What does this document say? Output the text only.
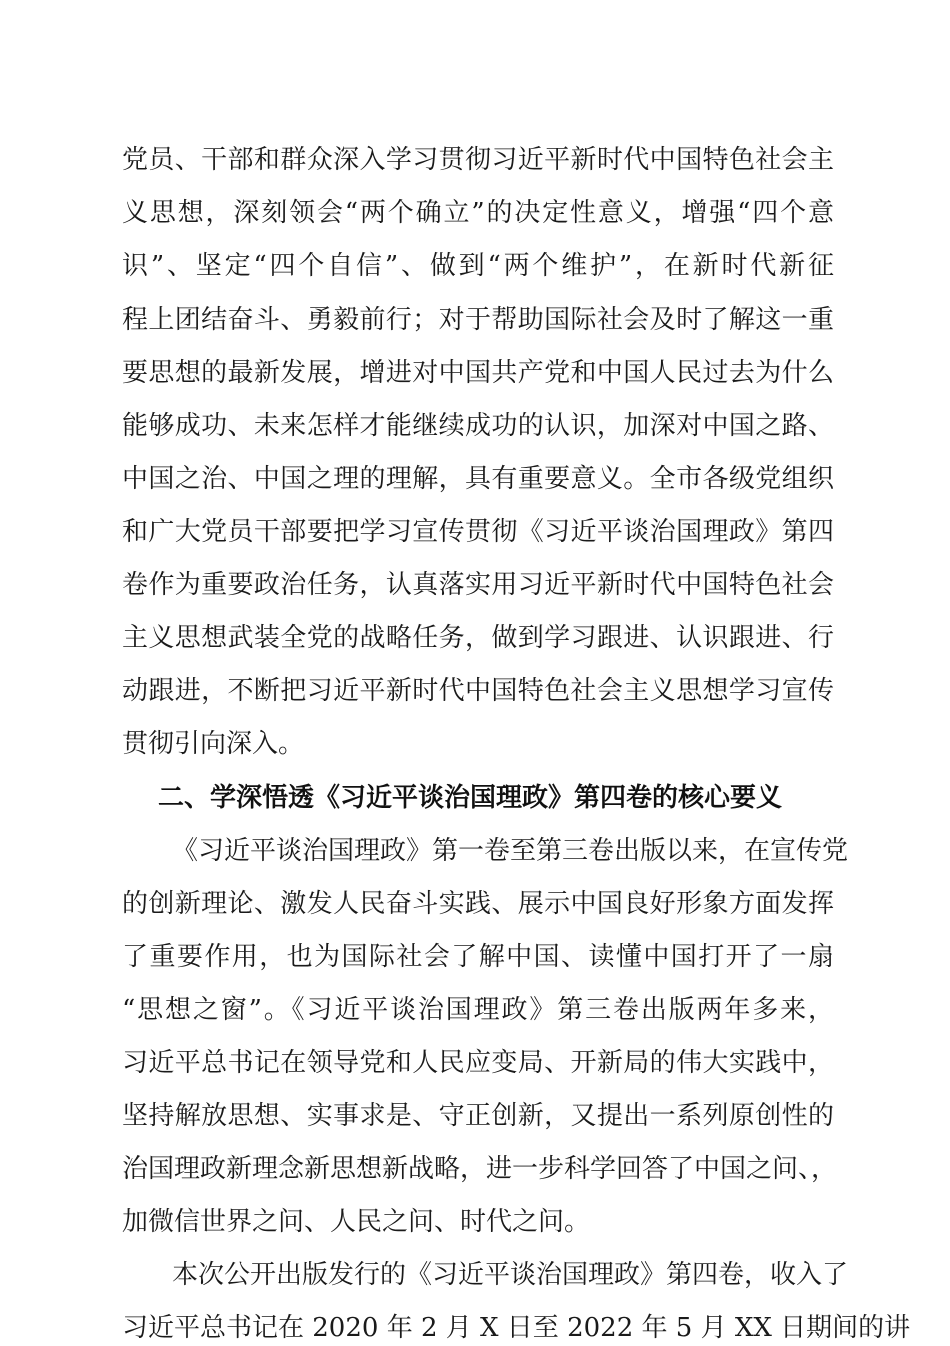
党员、干部和群众深入学习贯彻习近平新时代中国特色社会主
义思想，深刻领会“两个确立”的决定性意义，增强“四个意
识”、坚定“四个自信”、做到“两个维护”，在新时代新征
程上团结奋斗、勇毅前行；对于帮助国际社会及时了解这一重
要思想的最新发展，增进对中国共产党和中国人民过去为什么
能够成功、未来怎样才能继续成功的认识，加深对中国之路、
中国之治、中国之理的理解，具有重要意义。全市各级党组织
和广大党员干部要把学习宣传贯彻《习近平谈治国理政》第四
卷作为重要政治任务，认真落实用习近平新时代中国特色社会
主义思想武装全党的战略任务，做到学习跟进、认识跟进、行
动跟进，不断把习近平新时代中国特色社会主义思想学习宣传
贯彻引向深入。
二、学深悟透《习近平谈治国理政》第四卷的核心要义
《习近平谈治国理政》第一卷至第三卷出版以来，在宣传党
的创新理论、激发人民奋斗实践、展示中国良好形象方面发挥
了重要作用，也为国际社会了解中国、读懂中国打开了一扇
“思想之窗”。《习近平谈治国理政》第三卷出版两年多来，
习近平总书记在领导党和人民应变局、开新局的伟大实践中，
坚持解放思想、实事求是、守正创新，又提出一系列原创性的
治国理政新理念新思想新战略，进一步科学回答了中国之问、，
加微信世界之问、人民之问、时代之问。
本次公开出版发行的《习近平谈治国理政》第四卷，收入了
习近平总书记在 2020 年 2 月 X 日至 2022 年 5 月 XX 日期间的讲
